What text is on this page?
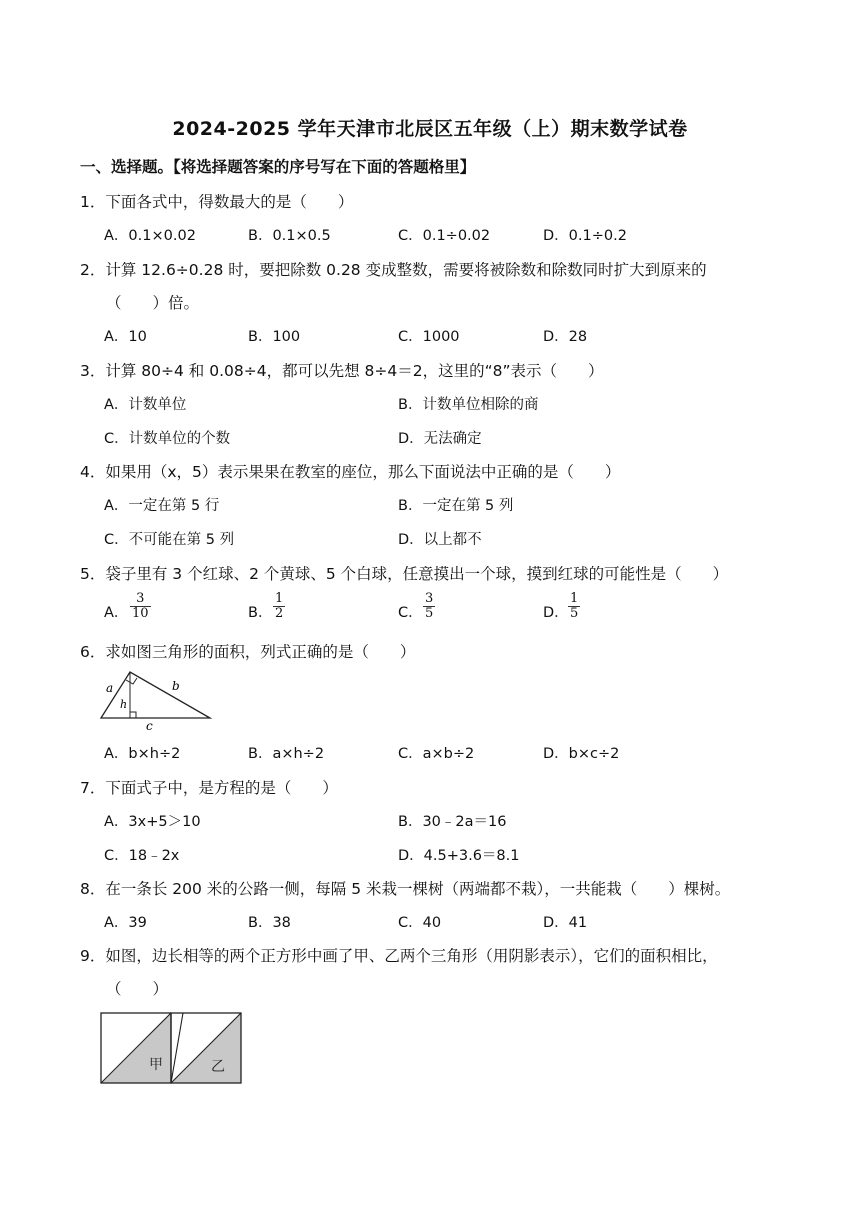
2024-2025 学年天津市北辰区五年级（上）期末数学试卷
一、选择题。【将选择题答案的序号写在下面的答题格里】
1．下面各式中，得数最大的是（　　）
A．0.1×0.02	B．0.1×0.5	C．0.1÷0.02	D．0.1÷0.2
2．计算 12.6÷0.28 时，要把除数 0.28 变成整数，需要将被除数和除数同时扩大到原来的
（　　）倍。
A．10	B．100	C．1000	D．28
3．计算 80÷4 和 0.08÷4，都可以先想 8÷4＝2，这里的“8”表示（　　）
A．计数单位	B．计数单位相除的商
C．计数单位的个数	D．无法确定
4．如果用（x，5）表示果果在教室的座位，那么下面说法中正确的是（　　）
A．一定在第 5 行	B．一定在第 5 列
C．不可能在第 5 列	D．以上都不
5．袋子里有 3 个红球、2 个黄球、5 个白球，任意摸出一个球，摸到红球的可能性是（　　）
A． $\frac{3}{10}$	B． $\frac{1}{2}$	C． $\frac{3}{5}$	D． $\frac{1}{5}$
6．求如图三角形的面积，列式正确的是（　　）
a	b
h
c
A．b×h÷2	B．a×h÷2	C．a×b÷2	D．b×c÷2
7．下面式子中，是方程的是（　　）
A．3x+5＞10	B．30﹣2a＝16
C．18﹣2x	D．4.5+3.6＝8.1
8．在一条长 200 米的公路一侧，每隔 5 米栽一棵树（两端都不栽），一共能栽（　　）棵树。
A．39	B．38	C．40	D．41
9．如图，边长相等的两个正方形中画了甲、乙两个三角形（用阴影表示），它们的面积相比，
（　　）
甲	乙
